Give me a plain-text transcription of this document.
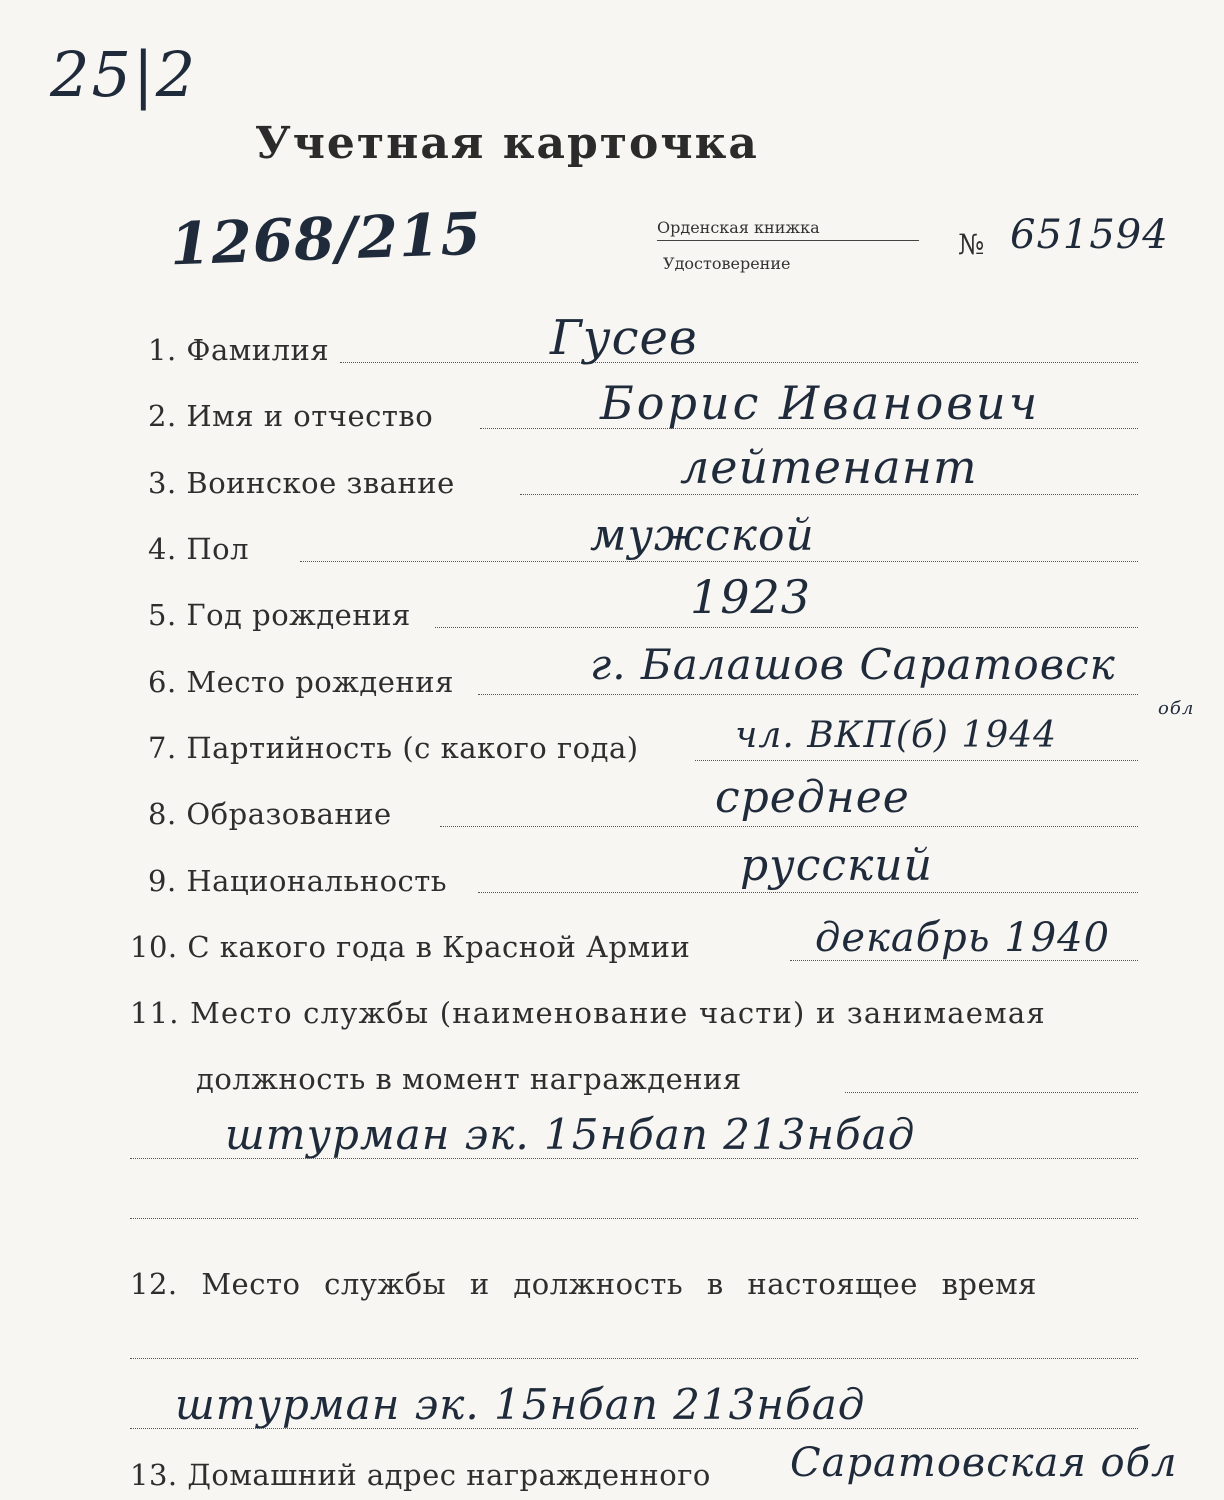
25|2
Учетная карточка
1268/215	Орденская книжка
Удостоверение
№ 651594
1. Фамилия	Гусев
2. Имя и отчество	Борис Иванович
3. Воинское звание	лейтенант
4. Пол	мужской
5. Год рождения	1923
6. Место рождения	г. Балашов Саратовск
обл
7. Партийность (с какого года)	чл. ВКП(б) 1944
8. Образование	среднее
9. Национальность	русский
10. С какого года в Красной Армии	декабрь 1940
11. Место службы (наименование части) и занимаемая
должность в момент награждения
штурман эк. 15нбап 213нбад
12. Место службы и должность в настоящее время
штурман эк. 15нбап 213нбад
13. Домашний адрес награжденного Саратовская обл
